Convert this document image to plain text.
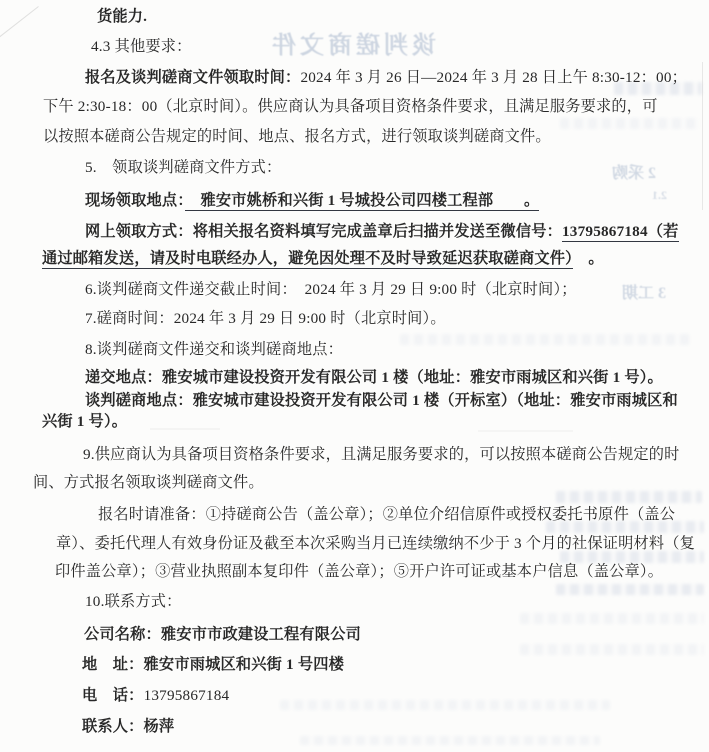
谈判磋商文件
2 采购
2.1
3 工期
货能力.
4.3 其他要求：
报名及谈判磋商文件领取时间：2024 年 3 月 26 日—2024 年 3 月 28 日上午 8:30-12：00；
下午 2:30-18：00（北京时间）。供应商认为具备项目资格条件要求，且满足服务要求的，可
以按照本磋商公告规定的时间、地点、报名方式，进行领取谈判磋商文件。
5.　领取谈判磋商文件方式：
现场领取地点：　雅安市姚桥和兴街 1 号城投公司四楼工程部　　。
网上领取方式：将相关报名资料填写完成盖章后扫描并发送至微信号：13795867184（若
通过邮箱发送，请及时电联经办人，避免因处理不及时导致延迟获取磋商文件）　。
6.谈判磋商文件递交截止时间：　2024 年 3 月 29 日 9:00 时（北京时间）；
7.磋商时间：2024 年 3 月 29 日 9:00 时（北京时间）。
8.谈判磋商文件递交和谈判磋商地点：
递交地点：雅安城市建设投资开发有限公司 1 楼（地址：雅安市雨城区和兴街 1 号）。
谈判磋商地点：雅安城市建设投资开发有限公司 1 楼（开标室）（地址：雅安市雨城区和
兴街 1 号）。
9.供应商认为具备项目资格条件要求，且满足服务要求的，可以按照本磋商公告规定的时
间、方式报名领取谈判磋商文件。
报名时请准备：①持磋商公告（盖公章）；②单位介绍信原件或授权委托书原件（盖公
章）、委托代理人有效身份证及截至本次采购当月已连续缴纳不少于 3 个月的社保证明材料（复
印件盖公章）；③营业执照副本复印件（盖公章）；⑤开户许可证或基本户信息（盖公章）。
10.联系方式：
公司名称：雅安市市政建设工程有限公司
地　址：雅安市雨城区和兴街 1 号四楼
电　话：13795867184
联系人：杨萍
